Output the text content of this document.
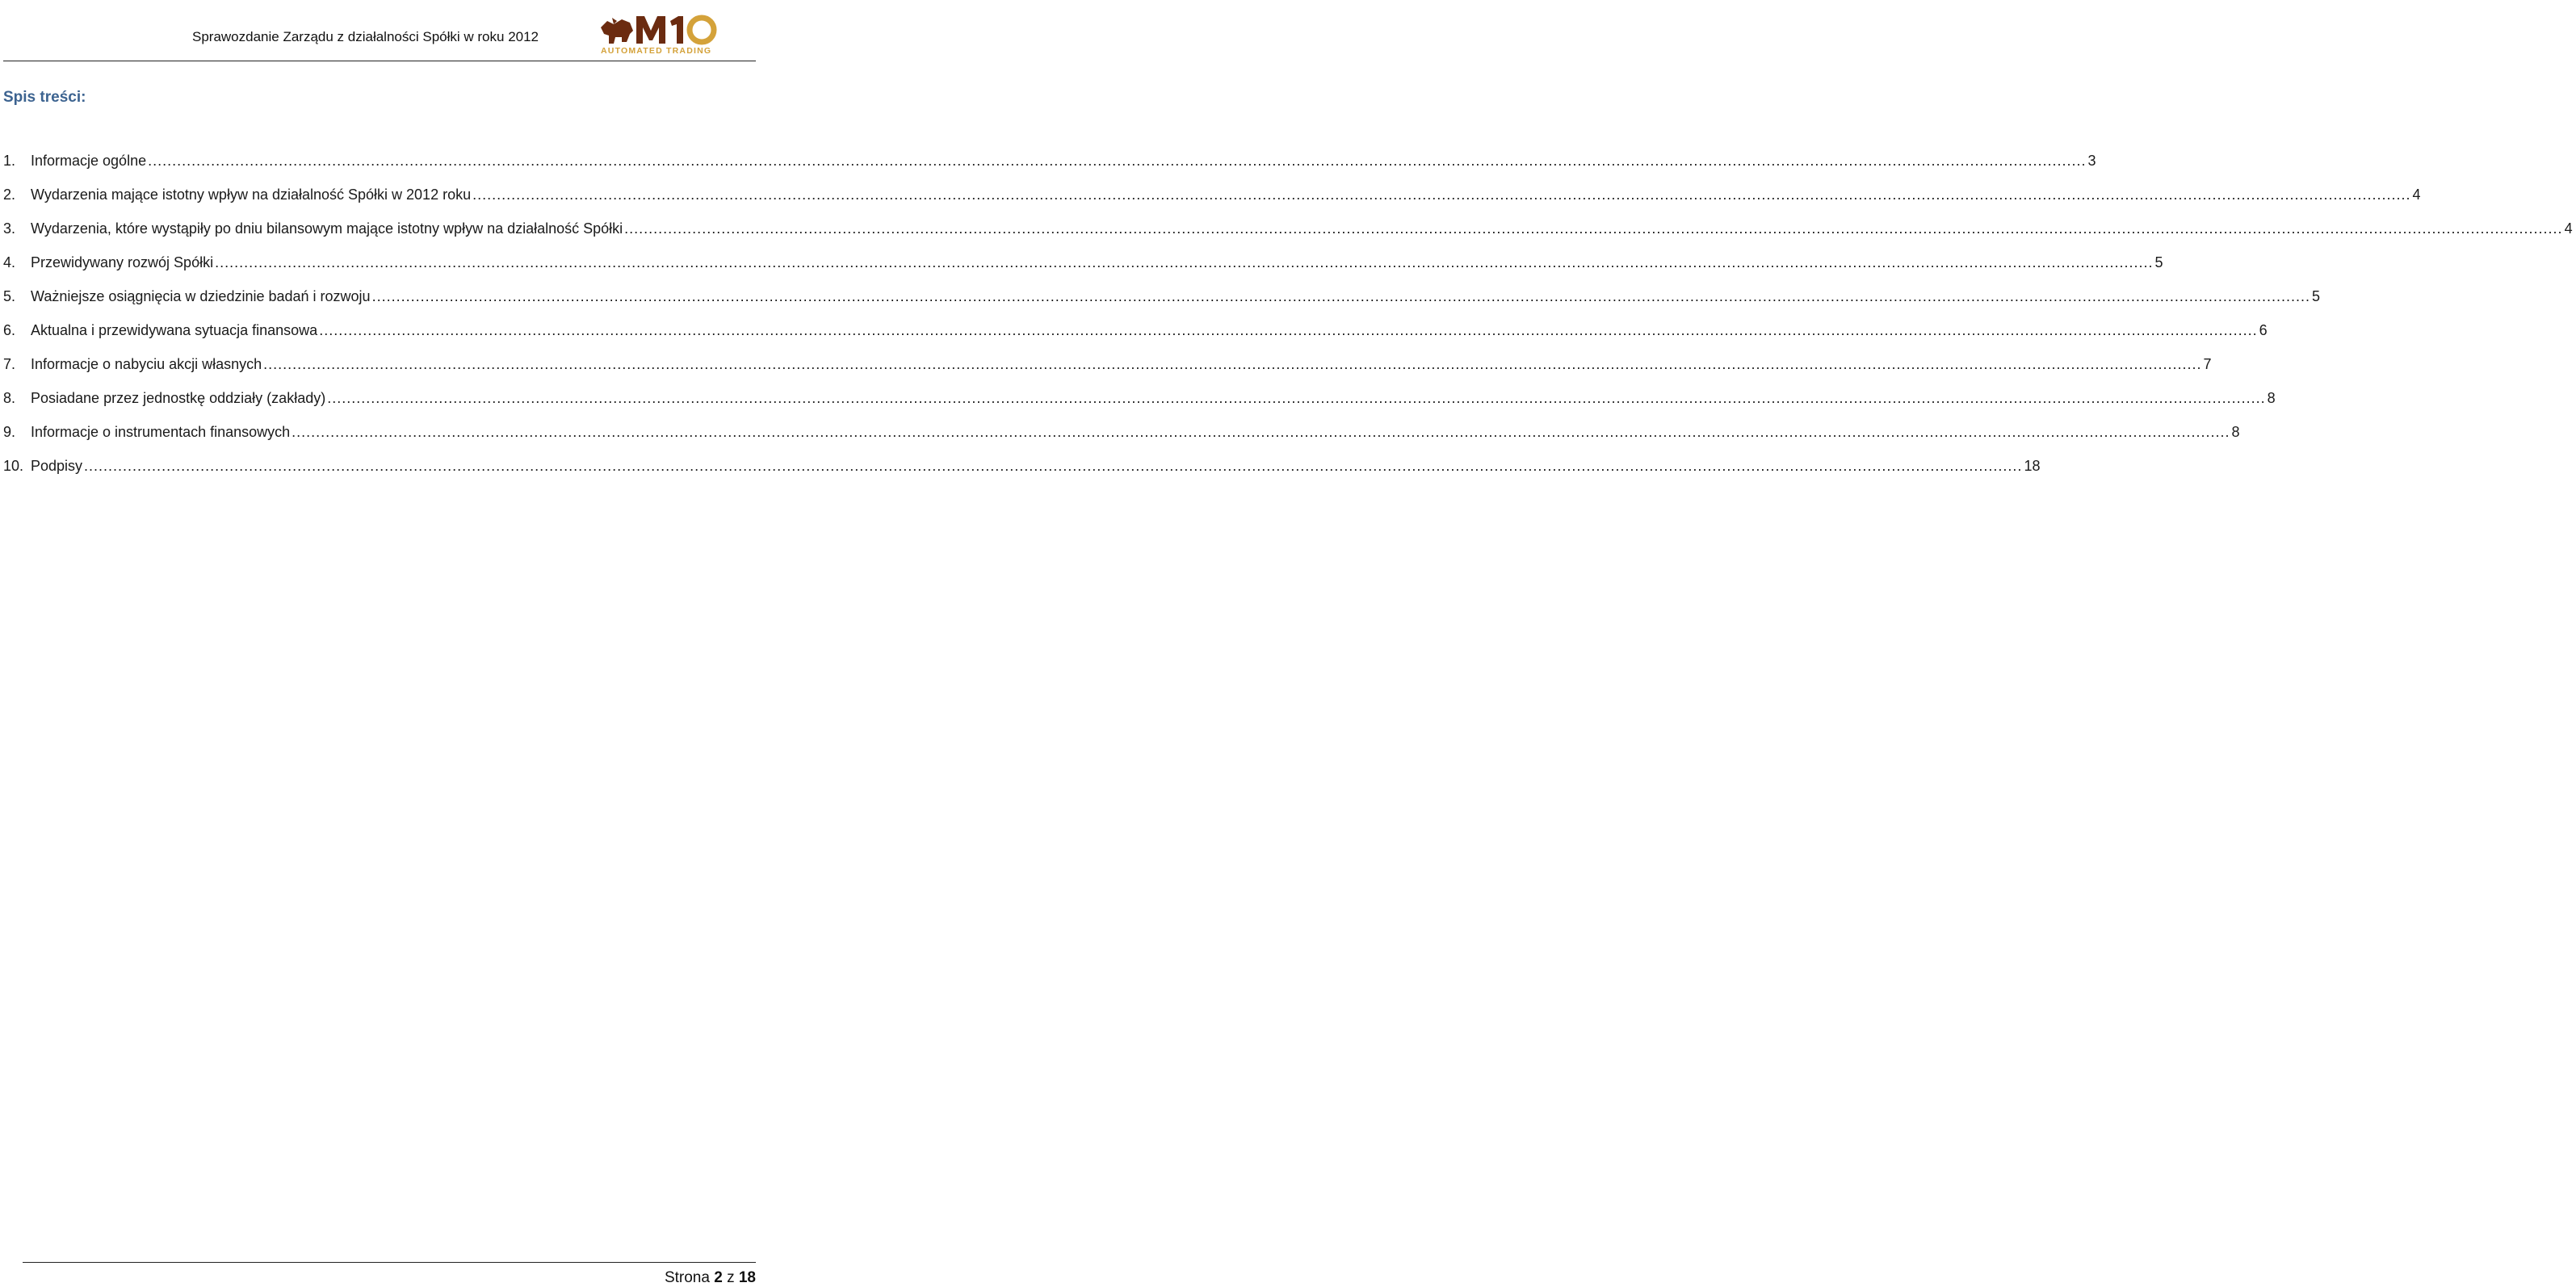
Sprawozdanie Zarządu z działalności Spółki w roku 2012
AUTOMATED TRADING
Spis treści:
1.	Informacje ogólne ................................................................................................................................................................................................................................................................................................................................................................................................................ 3
2.	Wydarzenia mające istotny wpływ na działalność Spółki w 2012 roku ................................................................................................................................................................................................................................................................................................................................................................................................................ 4
3.	Wydarzenia, które wystąpiły po dniu bilansowym mające istotny wpływ na działalność Spółki ................................................................................................................................................................................................................................................................................................................................................................................................................ 4
4.	Przewidywany rozwój Spółki ................................................................................................................................................................................................................................................................................................................................................................................................................ 5
5.	Ważniejsze osiągnięcia w dziedzinie badań i rozwoju ................................................................................................................................................................................................................................................................................................................................................................................................................ 5
6.	Aktualna i przewidywana sytuacja finansowa ................................................................................................................................................................................................................................................................................................................................................................................................................ 6
7.	Informacje o nabyciu akcji własnych ................................................................................................................................................................................................................................................................................................................................................................................................................ 7
8.	Posiadane przez jednostkę oddziały (zakłady) ................................................................................................................................................................................................................................................................................................................................................................................................................ 8
9.	Informacje o instrumentach finansowych ................................................................................................................................................................................................................................................................................................................................................................................................................ 8
10. Podpisy ................................................................................................................................................................................................................................................................................................................................................................................................................ 18
Strona 2 z 18
